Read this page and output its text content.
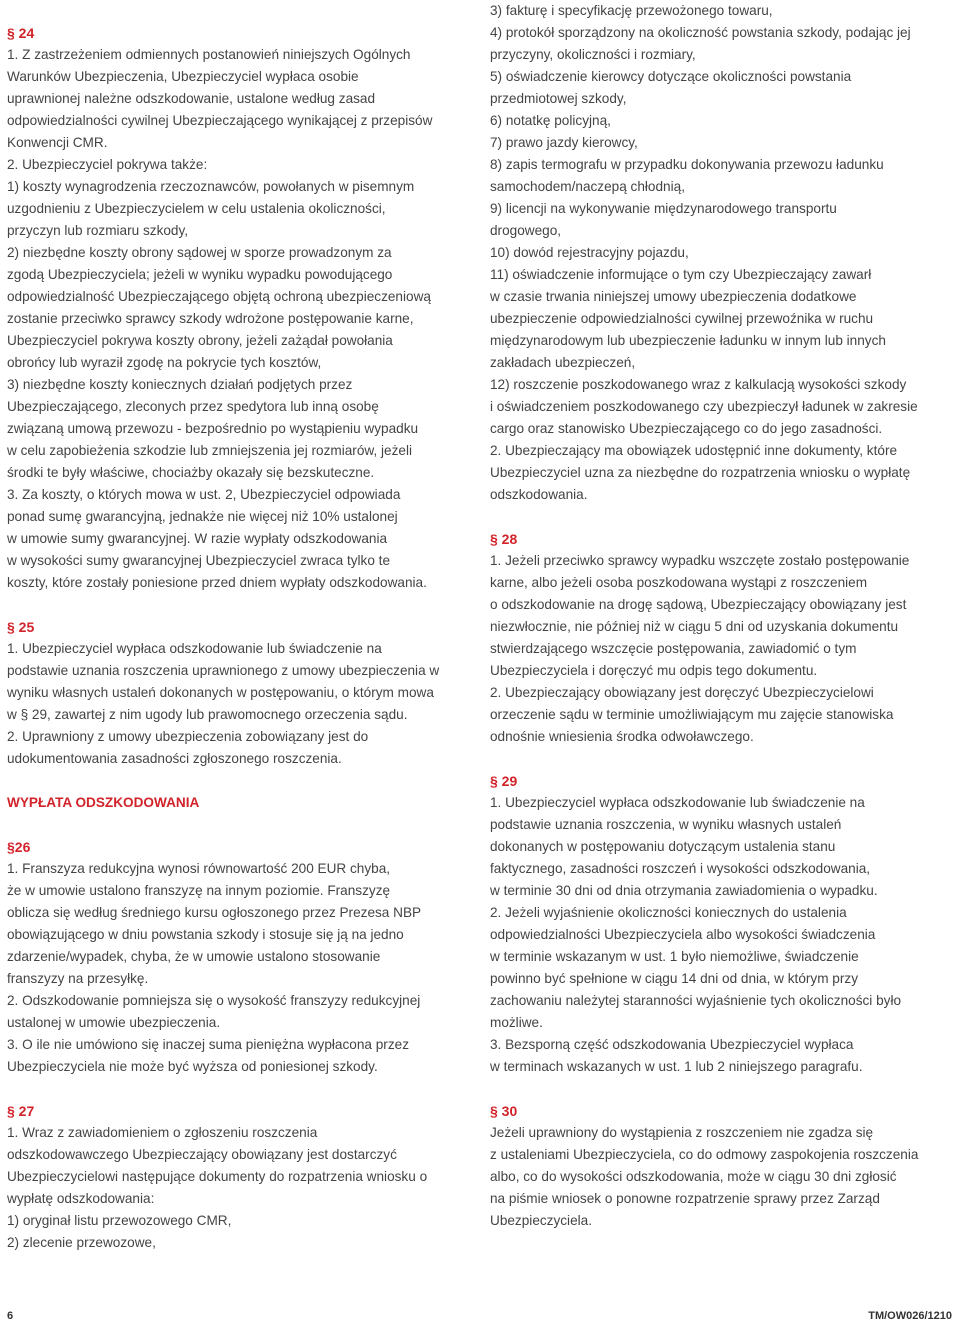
§ 24
1. Z zastrzeżeniem odmiennych postanowień niniejszych Ogólnych
Warunków Ubezpieczenia, Ubezpieczyciel wypłaca osobie
uprawnionej należne odszkodowanie, ustalone według zasad
odpowiedzialności cywilnej Ubezpieczającego wynikającej z przepisów
Konwencji CMR.
2. Ubezpieczyciel pokrywa także:
1) koszty wynagrodzenia rzeczoznawców, powołanych w pisemnym
uzgodnieniu z Ubezpieczycielem w celu ustalenia okoliczności,
przyczyn lub rozmiaru szkody,
2) niezbędne koszty obrony sądowej w sporze prowadzonym za
zgodą Ubezpieczyciela; jeżeli w wyniku wypadku powodującego
odpowiedzialność Ubezpieczającego objętą ochroną ubezpieczeniową
zostanie przeciwko sprawcy szkody wdrożone postępowanie karne,
Ubezpieczyciel pokrywa koszty obrony, jeżeli zażądał powołania
obrońcy lub wyraził zgodę na pokrycie tych kosztów,
3) niezbędne koszty koniecznych działań podjętych przez
Ubezpieczającego, zleconych przez spedytora lub inną osobę
związaną umową przewozu - bezpośrednio po wystąpieniu wypadku
w celu zapobieżenia szkodzie lub zmniejszenia jej rozmiarów, jeżeli
środki te były właściwe, chociażby okazały się bezskuteczne.
3. Za koszty, o których mowa w ust. 2, Ubezpieczyciel odpowiada
ponad sumę gwarancyjną, jednakże nie więcej niż 10% ustalonej
w umowie sumy gwarancyjnej. W razie wypłaty odszkodowania
w wysokości sumy gwarancyjnej Ubezpieczyciel zwraca tylko te
koszty, które zostały poniesione przed dniem wypłaty odszkodowania.
§ 25
1. Ubezpieczyciel wypłaca odszkodowanie lub świadczenie na
podstawie uznania roszczenia uprawnionego z umowy ubezpieczenia w
wyniku własnych ustaleń dokonanych w postępowaniu, o którym mowa
w § 29, zawartej z nim ugody lub prawomocnego orzeczenia sądu.
2. Uprawniony z umowy ubezpieczenia zobowiązany jest do
udokumentowania zasadności zgłoszonego roszczenia.
WYPŁATA ODSZKODOWANIA
§26
1. Franszyza redukcyjna wynosi równowartość 200 EUR chyba,
że w umowie ustalono franszyzę na innym poziomie. Franszyzę
oblicza się według średniego kursu ogłoszonego przez Prezesa NBP
obowiązującego w dniu powstania szkody i stosuje się ją na jedno
zdarzenie/wypadek, chyba, że w umowie ustalono stosowanie
franszyzy na przesyłkę.
2. Odszkodowanie pomniejsza się o wysokość franszyzy redukcyjnej
ustalonej w umowie ubezpieczenia.
3. O ile nie umówiono się inaczej suma pieniężna wypłacona przez
Ubezpieczyciela nie może być wyższa od poniesionej szkody.
§ 27
1. Wraz z zawiadomieniem o zgłoszeniu roszczenia
odszkodowawczego Ubezpieczający obowiązany jest dostarczyć
Ubezpieczycielowi następujące dokumenty do rozpatrzenia wniosku o
wypłatę odszkodowania:
1) oryginał listu przewozowego CMR,
2) zlecenie przewozowe,
3) fakturę i specyfikację przewożonego towaru,
4) protokół sporządzony na okoliczność powstania szkody, podając jej
przyczyny, okoliczności i rozmiary,
5) oświadczenie kierowcy dotyczące okoliczności powstania
przedmiotowej szkody,
6) notatkę policyjną,
7) prawo jazdy kierowcy,
8) zapis termografu w przypadku dokonywania przewozu ładunku
samochodem/naczepą chłodnią,
9) licencji na wykonywanie międzynarodowego transportu
drogowego,
10) dowód rejestracyjny pojazdu,
11) oświadczenie informujące o tym czy Ubezpieczający zawarł
w czasie trwania niniejszej umowy ubezpieczenia dodatkowe
ubezpieczenie odpowiedzialności cywilnej przewoźnika w ruchu
międzynarodowym lub ubezpieczenie ładunku w innym lub innych
zakładach ubezpieczeń,
12) roszczenie poszkodowanego wraz z kalkulacją wysokości szkody
i oświadczeniem poszkodowanego czy ubezpieczył ładunek w zakresie
cargo oraz stanowisko Ubezpieczającego co do jego zasadności.
2. Ubezpieczający ma obowiązek udostępnić inne dokumenty, które
Ubezpieczyciel uzna za niezbędne do rozpatrzenia wniosku o wypłatę
odszkodowania.
§ 28
1. Jeżeli przeciwko sprawcy wypadku wszczęte zostało postępowanie
karne, albo jeżeli osoba poszkodowana wystąpi z roszczeniem
o odszkodowanie na drogę sądową, Ubezpieczający obowiązany jest
niezwłocznie, nie później niż w ciągu 5 dni od uzyskania dokumentu
stwierdzającego wszczęcie postępowania, zawiadomić o tym
Ubezpieczyciela i doręczyć mu odpis tego dokumentu.
2. Ubezpieczający obowiązany jest doręczyć Ubezpieczycielowi
orzeczenie sądu w terminie umożliwiającym mu zajęcie stanowiska
odnośnie wniesienia środka odwoławczego.
§ 29
1. Ubezpieczyciel wypłaca odszkodowanie lub świadczenie na
podstawie uznania roszczenia, w wyniku własnych ustaleń
dokonanych w postępowaniu dotyczącym ustalenia stanu
faktycznego, zasadności roszczeń i wysokości odszkodowania,
w terminie 30 dni od dnia otrzymania zawiadomienia o wypadku.
2. Jeżeli wyjaśnienie okoliczności koniecznych do ustalenia
odpowiedzialności Ubezpieczyciela albo wysokości świadczenia
w terminie wskazanym w ust. 1 było niemożliwe, świadczenie
powinno być spełnione w ciągu 14 dni od dnia, w którym przy
zachowaniu należytej staranności wyjaśnienie tych okoliczności było
możliwe.
3. Bezsporną część odszkodowania Ubezpieczyciel wypłaca
w terminach wskazanych w ust. 1 lub 2 niniejszego paragrafu.
§ 30
Jeżeli uprawniony do wystąpienia z roszczeniem nie zgadza się
z ustaleniami Ubezpieczyciela, co do odmowy zaspokojenia roszczenia
albo, co do wysokości odszkodowania, może w ciągu 30 dni zgłosić
na piśmie wniosek o ponowne rozpatrzenie sprawy przez Zarząd
Ubezpieczyciela.
6	TM/OW026/1210
